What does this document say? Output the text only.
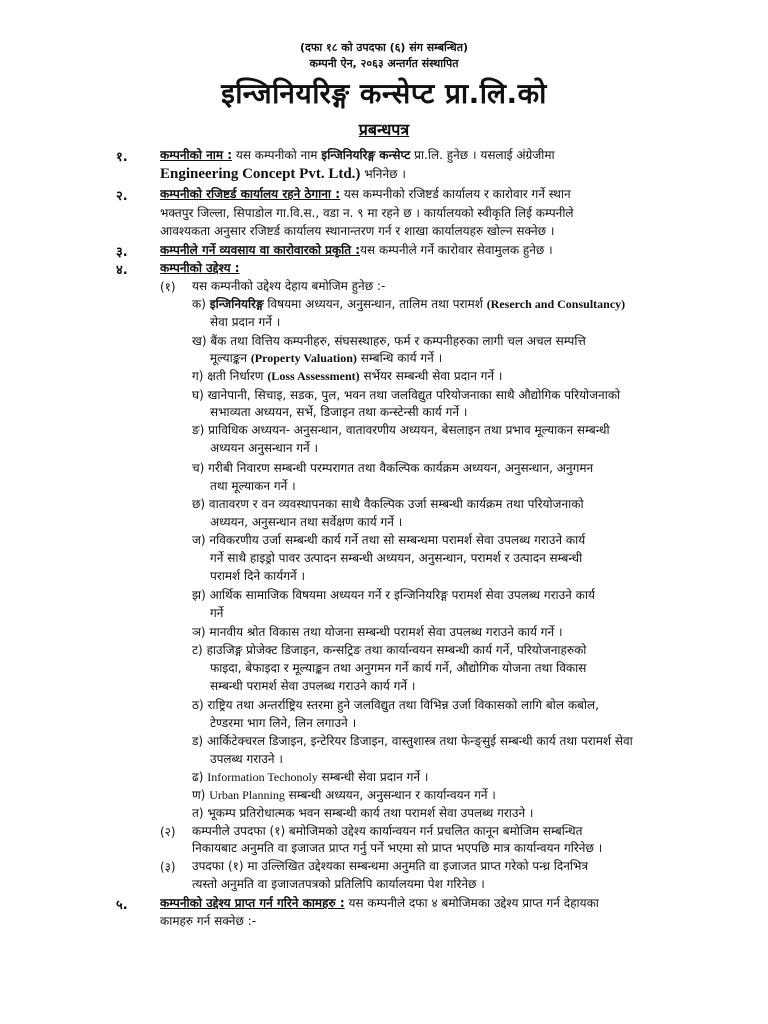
(दफा १८ को उपदफा (६) संग सम्बन्धित)
कम्पनी ऐन, २०६३ अन्तर्गत संस्थापित
इन्जिनियरिङ्ग कन्सेप्ट प्रा.लि.को
प्रबन्धपत्र
१.	कम्पनीको नाम : यस कम्पनीको नाम इन्जिनियरिङ्ग कन्सेप्ट प्रा.लि. हुनेछ । यसलाई अंग्रेजीमा
Engineering Concept Pvt. Ltd.) भनिनेछ ।
२.	कम्पनीको रजिष्टर्ड कार्यालय रहने ठेगाना : यस कम्पनीको रजिष्टर्ड कार्यालय र कारोवार गर्ने स्थान
भक्तपुर जिल्ला, सिपाडोल गा.वि.स., वडा न. ९ मा रहने छ । कार्यालयको स्वीकृति लिई कम्पनीले
आवश्यकता अनुसार रजिष्टर्ड कार्यालय स्थानान्तरण गर्न र शाखा कार्यालयहरु खोल्न सक्नेछ ।
३.	कम्पनीले गर्ने व्यवसाय वा कारोवारको प्रकृति :यस कम्पनीले गर्ने कारोवार सेवामुलक हुनेछ ।
४.	कम्पनीको उद्देश्य :
(१) यस कम्पनीको उद्देश्य देहाय बमोजिम हुनेछ :-
क) इन्जिनियरिङ्ग विषयमा अध्ययन, अनुसन्धान, तालिम तथा परामर्श (Reserch and Consultancy)
सेवा प्रदान गर्ने ।
ख) बैंक तथा वित्तिय कम्पनीहरु, संघसस्थाहरु, फर्म र कम्पनीहरुका लागी चल अचल सम्पत्ति
मूल्याङ्कन (Property Valuation) सम्बन्धि कार्य गर्ने ।
ग) क्षती निर्धारण (Loss Assessment) सर्भेयर सम्बन्धी सेवा प्रदान गर्ने ।
घ) खानेपानी, सिचाइ, सडक, पुल, भवन तथा जलविद्युत परियोजनाका साथै औद्योगिक परियोजनाको
सभाव्यता अध्ययन, सर्भे, डिजाइन तथा कन्स्टेन्सी कार्य गर्ने ।
ङ) प्राविधिक अध्ययन- अनुसन्धान, वातावरणीय अध्ययन, बेसलाइन तथा प्रभाव मूल्याकन सम्बन्धी
अध्ययन अनुसन्धान गर्ने ।
च) गरीबी निवारण सम्बन्धी परम्परागत तथा वैकल्पिक कार्यक्रम अध्ययन, अनुसन्धान, अनुगमन
तथा मूल्याकन गर्ने ।
छ) वातावरण र वन व्यवस्थापनका साथै वैकल्पिक उर्जा सम्बन्धी कार्यक्रम तथा परियोजनाको
अध्ययन, अनुसन्धान तथा सर्वेक्षण कार्य गर्ने ।
ज) नविकरणीय उर्जा सम्बन्धी कार्य गर्ने तथा सो सम्बन्धमा परामर्श सेवा उपलब्ध गराउने कार्य
गर्ने साथै हाइड्रो पावर उत्पादन सम्बन्धी अध्ययन, अनुसन्धान, परामर्श र उत्पादन सम्बन्धी
परामर्श दिने कार्यगर्ने ।
झ) आर्थिक सामाजिक विषयमा अध्ययन गर्ने र इन्जिनियरिङ्ग परामर्श सेवा उपलब्ध गराउने कार्य
गर्ने
ञ) मानवीय श्रोत विकास तथा योजना सम्बन्धी परामर्श सेवा उपलब्ध गराउने कार्य गर्ने ।
ट) हाउजिङ्ग प्रोजेक्ट डिजाइन, कन्सट्रिङ तथा कार्यान्वयन सम्बन्धी कार्य गर्ने, परियोजनाहरुको
फाइदा, बेफाइदा र मूल्याङ्कन तथा अनुगमन गर्ने कार्य गर्ने, औद्योगिक योजना तथा विकास
सम्बन्धी परामर्श सेवा उपलब्ध गराउने कार्य गर्ने ।
ठ) राष्ट्रिय तथा अन्तर्राष्ट्रिय स्तरमा हुने जलविद्युत तथा विभिन्न उर्जा विकासको लागि बोल कबोल,
टेण्डरमा भाग लिने, लिन लगाउने ।
ड) आर्किटेक्चरल डिजाइन, इन्टेरियर डिजाइन, वास्तुशास्त्र तथा फेन्ङ्सुई सम्बन्धी कार्य तथा परामर्श सेवा
उपलब्ध गराउने ।
ढ) Information Techonoly सम्बन्धी सेवा प्रदान गर्ने ।
ण) Urban Planning सम्बन्धी अध्ययन, अनुसन्धान र कार्यान्वयन गर्ने ।
त) भूकम्प प्रतिरोधात्मक भवन सम्बन्धी कार्य तथा परामर्श सेवा उपलब्ध गराउने ।
(२) कम्पनीले उपदफा (१) बमोजिमको उद्देश्य कार्यान्वयन गर्न प्रचलित कानून बमोजिम सम्बन्धित
निकायबाट अनुमति वा इजाजत प्राप्त गर्नु पर्ने भएमा सो प्राप्त भएपछि मात्र कार्यान्वयन गरिनेछ ।
(३) उपदफा (१) मा उल्लिखित उद्देश्यका सम्बन्धमा अनुमति वा इजाजत प्राप्त गरेको पन्ध्र दिनभित्र
त्यस्तो अनुमति वा इजाजतपत्रको प्रतिलिपि कार्यालयमा पेश गरिनेछ ।
५.	कम्पनीको उद्देश्य प्राप्त गर्न गरिने कामहरु : यस कम्पनीले दफा ४ बमोजिमका उद्देश्य प्राप्त गर्न देहायका
कामहरु गर्न सक्नेछ :-
